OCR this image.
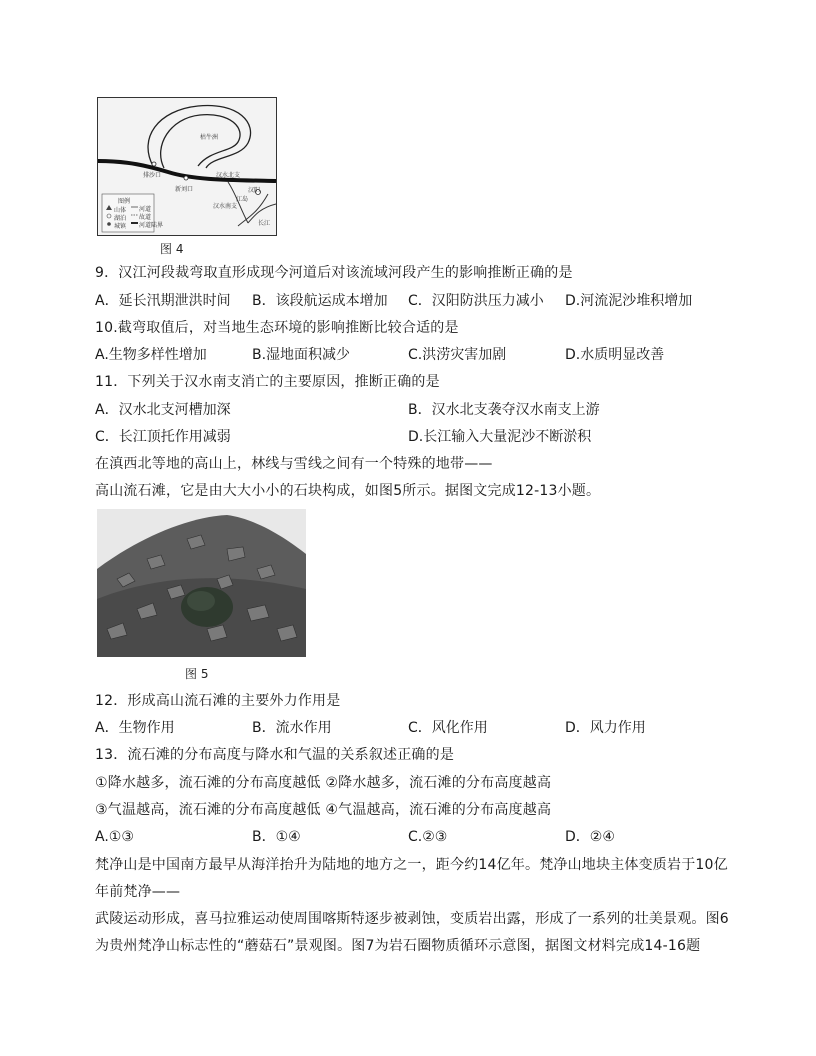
枯牛洲
排沙口
新刘口
汉水北支
汉水南支
汉阳
江岛
长江
图例
山体
湖泊
城镇
河道
故道
河道陆界
图 4
9．汉江河段裁弯取直形成现今河道后对该流域河段产生的影响推断正确的是
A．延长汛期泄洪时间 B．该段航运成本增加 C．汉阳防洪压力减小 D.河流泥沙堆积增加
10.截弯取值后，对当地生态环境的影响推断比较合适的是
A.生物多样性增加	B.湿地面积减少	C.洪涝灾害加剧	D.水质明显改善
11．下列关于汉水南支消亡的主要原因，推断正确的是
A．汉水北支河槽加深	B．汉水北支袭夺汉水南支上游
C．长江顶托作用减弱	D.长江输入大量泥沙不断淤积
在滇西北等地的高山上，林线与雪线之间有一个特殊的地带——
高山流石滩，它是由大大小小的石块构成，如图5所示。据图文完成12-13小题。
图 5
12．形成高山流石滩的主要外力作用是
A．生物作用	B．流水作用	C．风化作用	D．风力作用
13．流石滩的分布高度与降水和气温的关系叙述正确的是
①降水越多，流石滩的分布高度越低 ②降水越多，流石滩的分布高度越高
③气温越高，流石滩的分布高度越低 ④气温越高，流石滩的分布高度越高
A.①③	B．①④	C.②③	D．②④
梵净山是中国南方最早从海洋抬升为陆地的地方之一，距今约14亿年。梵净山地块主体变质岩于10亿
年前梵净——
武陵运动形成，喜马拉雅运动使周围喀斯特逐步被剥蚀，变质岩出露，形成了一系列的壮美景观。图6
为贵州梵净山标志性的“蘑菇石”景观图。图7为岩石圈物质循环示意图，据图文材料完成14-16题
